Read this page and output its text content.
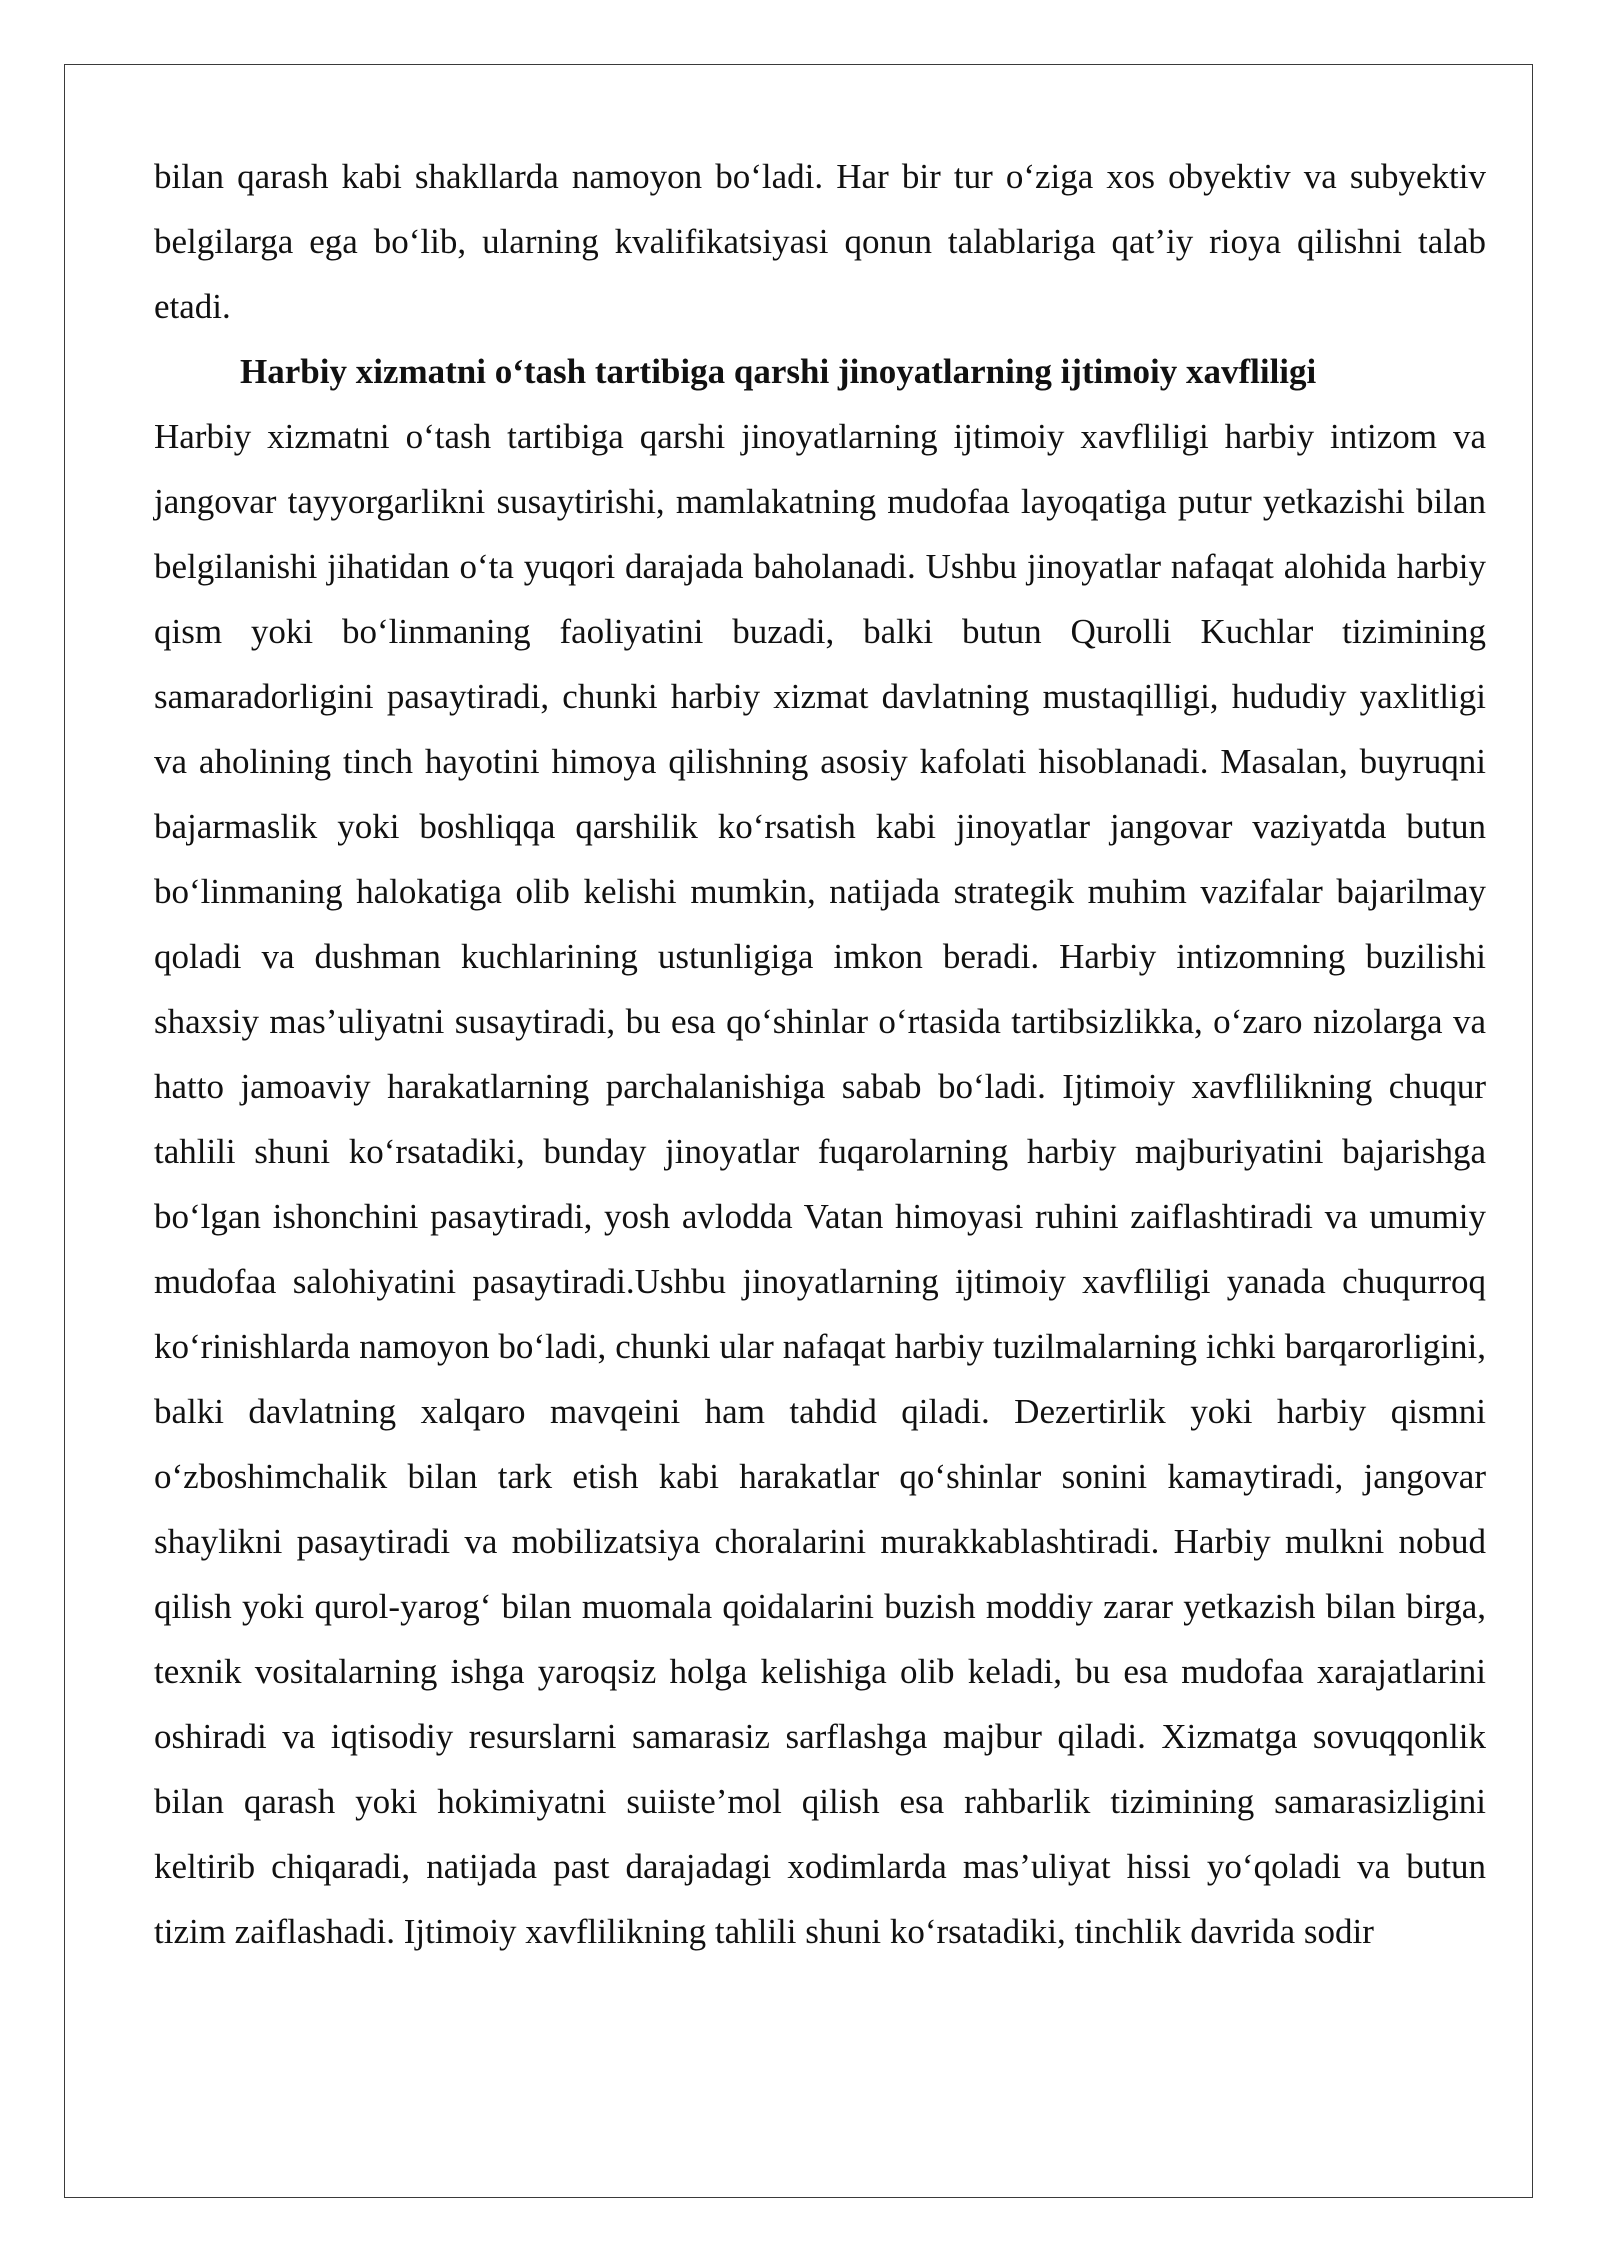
bilan qarash kabi shakllarda namoyon bo‘ladi. Har bir tur o‘ziga xos obyektiv va subyektiv belgilarga ega bo‘lib, ularning kvalifikatsiyasi qonun talablariga qat’iy rioya qilishni talab etadi.

Harbiy xizmatni o‘tash tartibiga qarshi jinoyatlarning ijtimoiy xavfliligi

Harbiy xizmatni o‘tash tartibiga qarshi jinoyatlarning ijtimoiy xavfliligi harbiy intizom va jangovar tayyorgarlikni susaytirishi, mamlakatning mudofaa layoqatiga putur yetkazishi bilan belgilanishi jihatidan o‘ta yuqori darajada baholanadi. Ushbu jinoyatlar nafaqat alohida harbiy qism yoki bo‘linmaning faoliyatini buzadi, balki butun Qurolli Kuchlar tizimining samaradorligini pasaytiradi, chunki harbiy xizmat davlatning mustaqilligi, hududiy yaxlitligi va aholining tinch hayotini himoya qilishning asosiy kafolati hisoblanadi. Masalan, buyruqni bajarmaslik yoki boshliqqa qarshilik ko‘rsatish kabi jinoyatlar jangovar vaziyatda butun bo‘linmaning halokatiga olib kelishi mumkin, natijada strategik muhim vazifalar bajarilmay qoladi va dushman kuchlarining ustunligiga imkon beradi. Harbiy intizomning buzilishi shaxsiy mas’uliyatni susaytiradi, bu esa qo‘shinlar o‘rtasida tartibsizlikka, o‘zaro nizolarga va hatto jamoaviy harakatlarning parchalanishiga sabab bo‘ladi. Ijtimoiy xavflilikning chuqur tahlili shuni ko‘rsatadiki, bunday jinoyatlar fuqarolarning harbiy majburiyatini bajarishga bo‘lgan ishonchini pasaytiradi, yosh avlodda Vatan himoyasi ruhini zaiflashtiradi va umumiy mudofaa salohiyatini pasaytiradi.Ushbu jinoyatlarning ijtimoiy xavfliligi yanada chuqurroq ko‘rinishlarda namoyon bo‘ladi, chunki ular nafaqat harbiy tuzilmalarning ichki barqarorligini, balki davlatning xalqaro mavqeini ham tahdid qiladi. Dezertirlik yoki harbiy qismni o‘zboshimchalik bilan tark etish kabi harakatlar qo‘shinlar sonini kamaytiradi, jangovar shaylikni pasaytiradi va mobilizatsiya choralarini murakkablashtiradi. Harbiy mulkni nobud qilish yoki qurol-yarog‘ bilan muomala qoidalarini buzish moddiy zarar yetkazish bilan birga, texnik vositalarning ishga yaroqsiz holga kelishiga olib keladi, bu esa mudofaa xarajatlarini oshiradi va iqtisodiy resurslarni samarasiz sarflashga majbur qiladi. Xizmatga sovuqqonlik bilan qarash yoki hokimiyatni suiiste’mol qilish esa rahbarlik tizimining samarasizligini keltirib chiqaradi, natijada past darajadagi xodimlarda mas’uliyat hissi yo‘qoladi va butun tizim zaiflashadi. Ijtimoiy xavflilikning tahlili shuni ko‘rsatadiki, tinchlik davrida sodir
